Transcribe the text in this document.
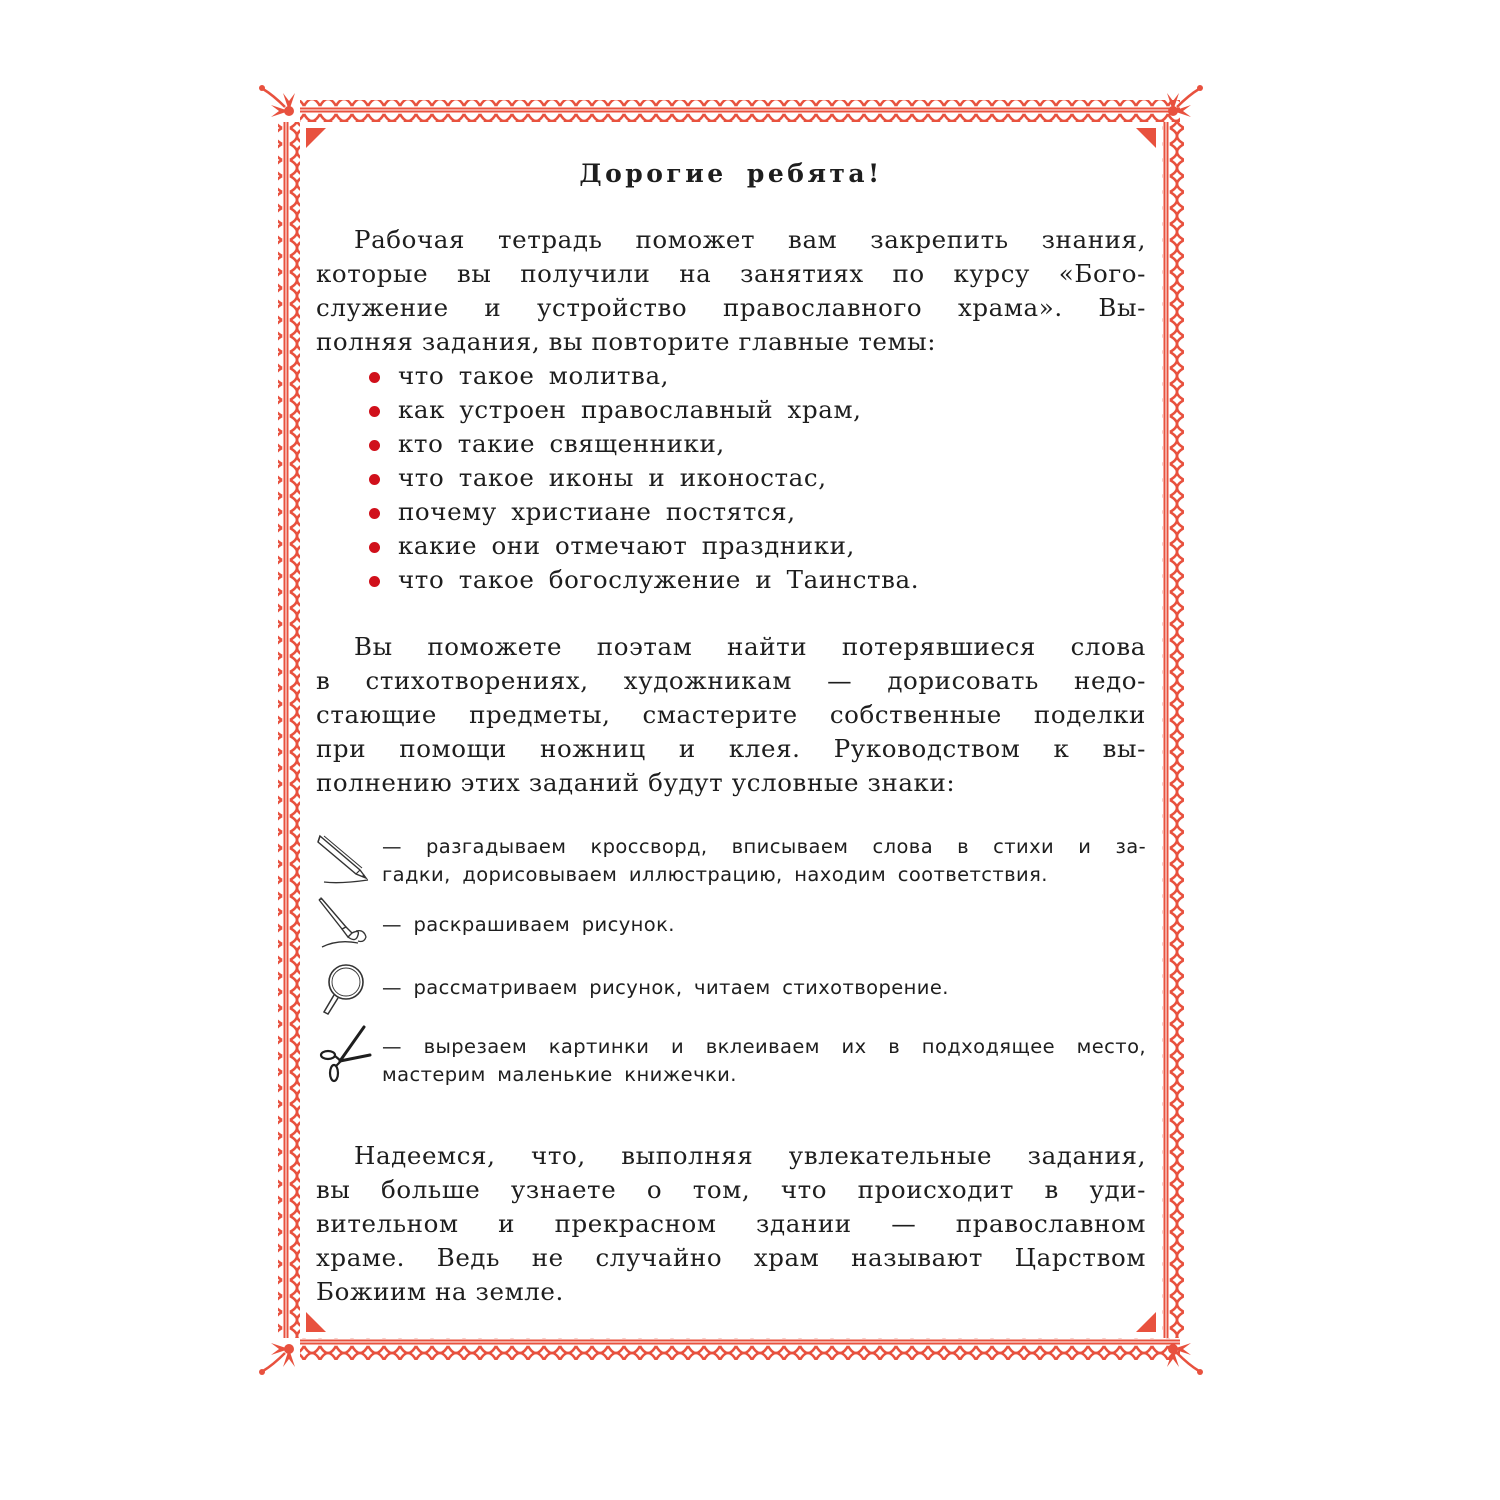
Дорогие ребята!

Рабочая тетрадь поможет вам закрепить знания,
которые вы получили на занятиях по курсу «Бого-
служение и устройство православного храма». Вы-
полняя задания, вы повторите главные темы:

что такое молитва,
как устроен православный храм,
кто такие священники,
что такое иконы и иконостас,
почему христиане постятся,
какие они отмечают праздники,
что такое богослужение и Таинства.

Вы поможете поэтам найти потерявшиеся слова
в стихотворениях, художникам — дорисовать недо-
стающие предметы, смастерите собственные поделки
при помощи ножниц и клея. Руководством к вы-
полнению этих заданий будут условные знаки:

— разгадываем кроссворд, вписываем слова в стихи и за-
гадки, дорисовываем иллюстрацию, находим соответствия.
— раскрашиваем рисунок.
— рассматриваем рисунок, читаем стихотворение.
— вырезаем картинки и вклеиваем их в подходящее место,
мастерим маленькие книжечки.

Надеемся, что, выполняя увлекательные задания,
вы больше узнаете о том, что происходит в уди-
вительном и прекрасном здании — православном
храме. Ведь не случайно храм называют Царством
Божиим на земле.
